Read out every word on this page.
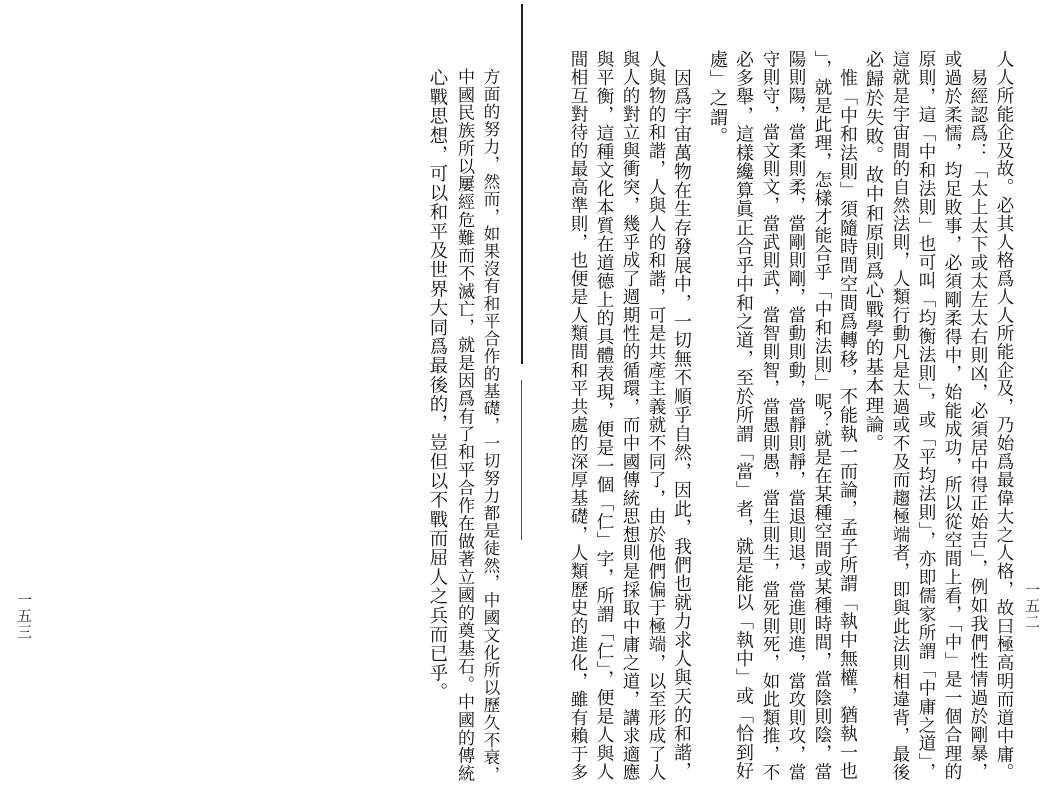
人人所能企及故。必其人格爲人人所能企及，乃始爲最偉大之人格，故曰極高明而道中庸。
　易經認爲：「太上太下或太左太右則凶，必須居中得正始吉」，例如我們性情過於剛暴，
或過於柔懦，均足敗事，必須剛柔得中，始能成功，所以從空間上看，「中」是一個合理的
原則，這「中和法則」也可叫「均衡法則」，或「平均法則」，亦即儒家所謂「中庸之道」，
這就是宇宙間的自然法則，人類行動凡是太過或不及而趨極端者，即與此法則相違背，最後
必歸於失敗。故中和原則爲心戰學的基本理論。
　惟「中和法則」須隨時間空間爲轉移，不能執一而論，孟子所謂「執中無權，猶執一也
」，就是此理，怎樣才能合乎「中和法則」呢？就是在某種空間或某種時間，當陰則陰，當
陽則陽，當柔則柔，當剛則剛，當動則動，當靜則靜，當退則退，當進則進，當攻則攻，當
守則守，當文則文，當武則武，當智則智，當愚則愚，當生則生，當死則死，如此類推，不
必多舉，這樣纔算眞正合乎中和之道，至於所謂「當」者，就是能以「執中」或「恰到好
處」之謂。
　因爲宇宙萬物在生存發展中，一切無不順乎自然，因此，我們也就力求人與天的和諧，
人與物的和諧，人與人的和諧，可是共產主義就不同了，由於他們偏于極端，以至形成了人
與人的對立與衝突，幾乎成了週期性的循環，而中國傳統思想則是採取中庸之道，講求適應
與平衡，這種文化本質在道德上的具體表現，便是一個「仁」字，所謂「仁」，便是人與人
間相互對待的最高準則，也便是人類間和平共處的深厚基礎，人類歷史的進化，雖有賴于多	一五二
方面的努力，然而，如果沒有和平合作的基礎，一切努力都是徒然，中國文化所以歷久不衰，
中國民族所以屢經危難而不滅亡，就是因爲有了和平合作在做著立國的奠基石。中國的傳統
心戰思想，可以和平及世界大同爲最後的，豈但以不戰而屈人之兵而已乎。
一五三
